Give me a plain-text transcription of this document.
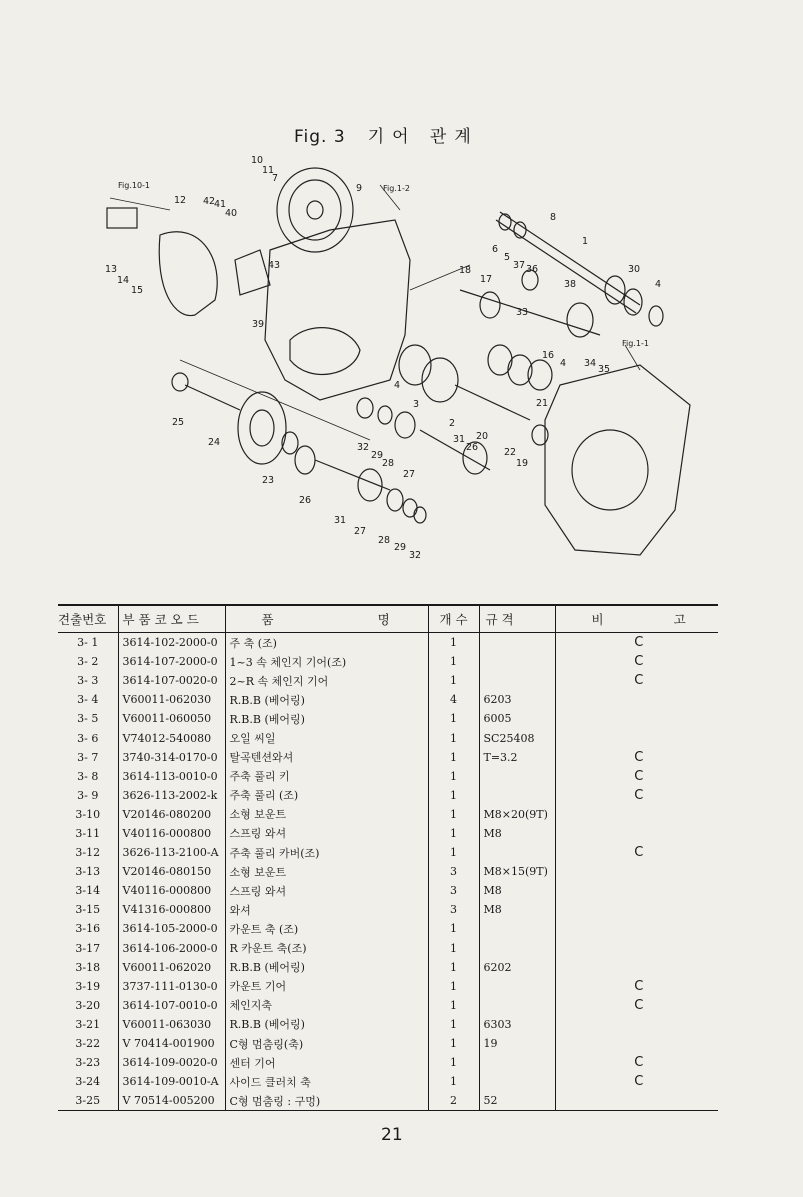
Fig. 3 기어 관계
Fig.10-1	Fig.1-2
Fig.1-1
10
11
7
9
8
1
12 42
41
40
13
14
15
43
39
18
17
37 36
38
30
4
33
16
34
35
25
24	32
29
28
27
3
2
20
22
21
19
31
26
23
26
31
27
28
29
32
6
5
4
4
견출번호	부 품 코 오 드	품 명	개 수	규 격	비 고
3- 1	3614-102-2000-0	주 축 (조)	1		C
3- 2	3614-107-2000-0	1~3 속 체인지 기어(조)	1		C
3- 3	3614-107-0020-0	2~R 속 체인지 기어	1		C
3- 4	V60011-062030	R.B.B (베어링)	4	6203	
3- 5	V60011-060050	R.B.B (베어링)	1	6005	
3- 6	V74012-540080	오일 씨일	1	SC25408	
3- 7	3740-314-0170-0	탈곡텐션와셔	1	T=3.2	C
3- 8	3614-113-0010-0	주축 풀리 키	1		C
3- 9	3626-113-2002-k	주축 풀리 (조)	1		C
3-10	V20146-080200	소형 보운트	1	M8×20(9T)	
3-11	V40116-000800	스프링 와셔	1	M8	
3-12	3626-113-2100-A	주축 풀리 카버(조)	1		C
3-13	V20146-080150	소형 보운트	3	M8×15(9T)	
3-14	V40116-000800	스프링 와셔	3	M8	
3-15	V41316-000800	와셔	3	M8	
3-16	3614-105-2000-0	카운트 축 (조)	1		
3-17	3614-106-2000-0	R 카운트 축(조)	1		
3-18	V60011-062020	R.B.B (베어링)	1	6202	
3-19	3737-111-0130-0	카운트 기어	1		C
3-20	3614-107-0010-0	체인지축	1		C
3-21	V60011-063030	R.B.B (베어링)	1	6303	
3-22	V 70414-001900	C형 멈춤링(축)	1	19	
3-23	3614-109-0020-0	센터 기어	1		C
3-24	3614-109-0010-A	사이드 클러치 축	1		C
3-25	V 70514-005200	C형 멈춤링 : 구멍)	2	52	
21
